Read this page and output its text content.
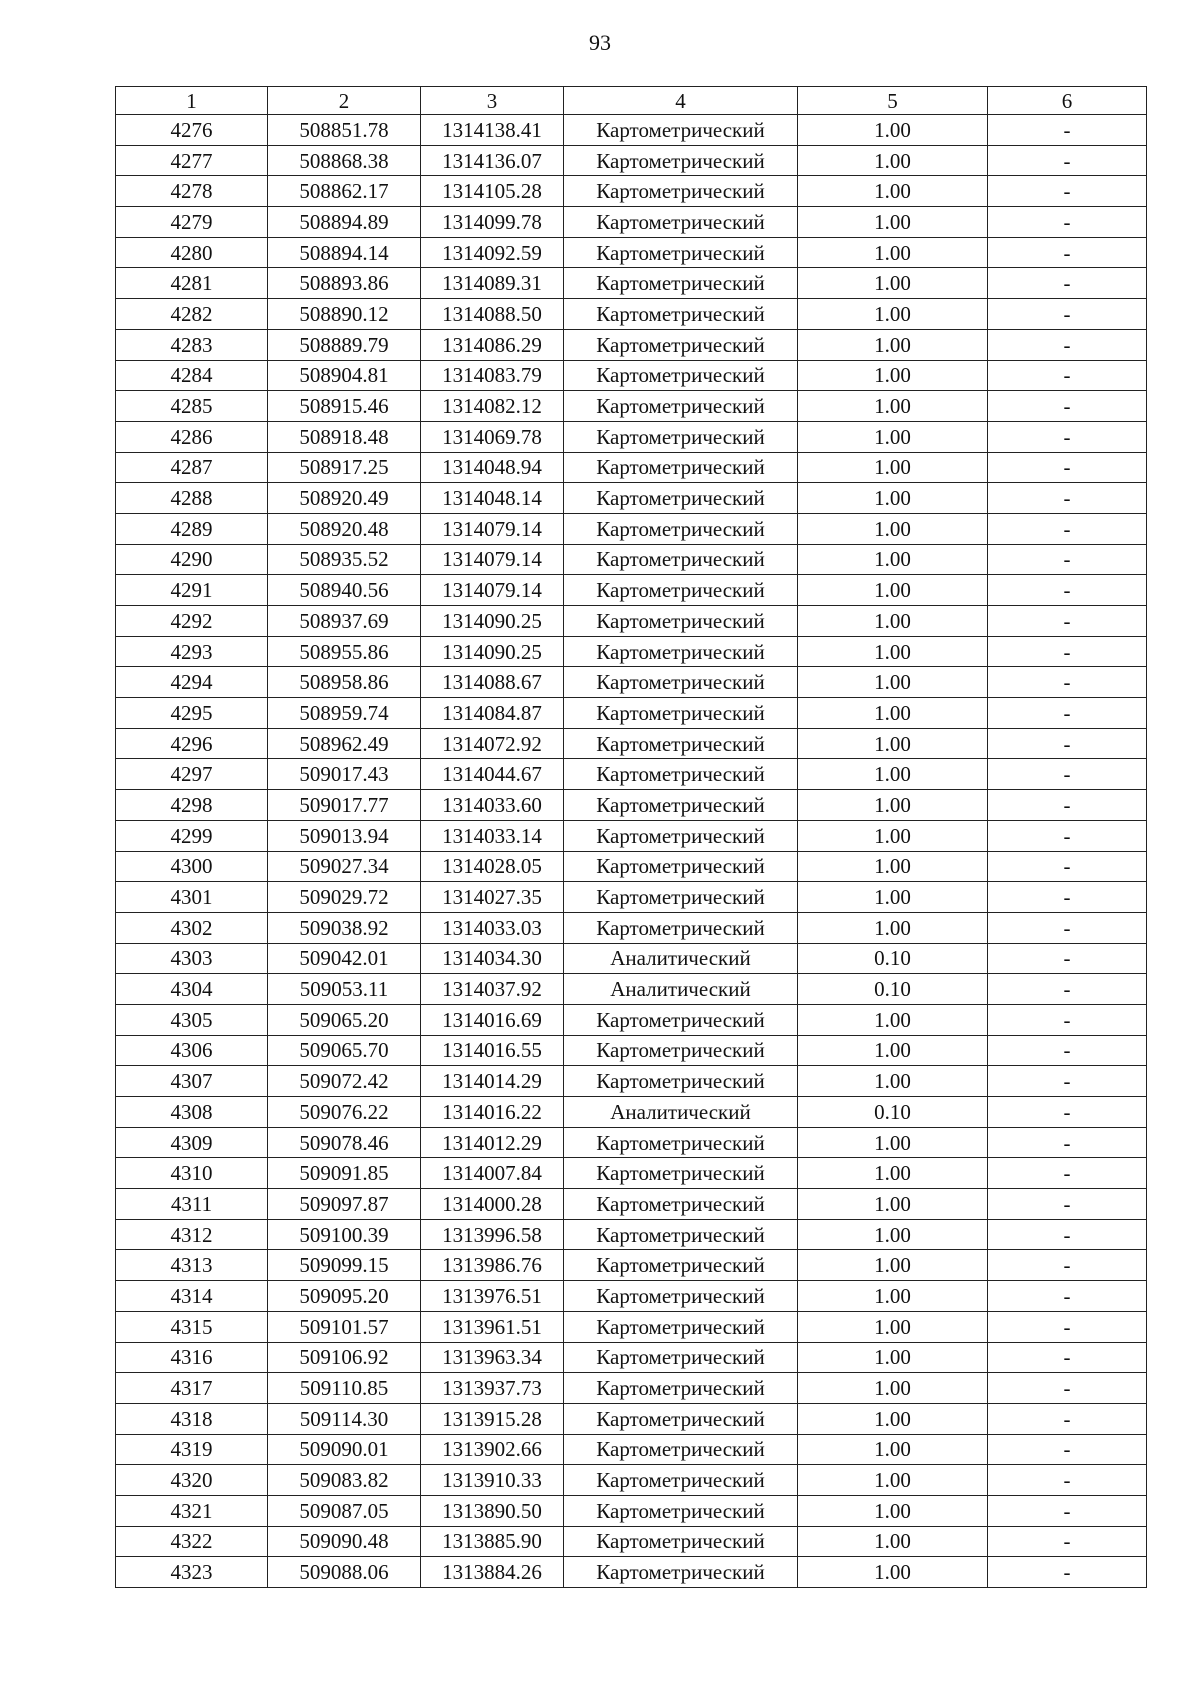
93
1	2	3	4	5	6
4276	508851.78	1314138.41	Картометрический	1.00	-
4277	508868.38	1314136.07	Картометрический	1.00	-
4278	508862.17	1314105.28	Картометрический	1.00	-
4279	508894.89	1314099.78	Картометрический	1.00	-
4280	508894.14	1314092.59	Картометрический	1.00	-
4281	508893.86	1314089.31	Картометрический	1.00	-
4282	508890.12	1314088.50	Картометрический	1.00	-
4283	508889.79	1314086.29	Картометрический	1.00	-
4284	508904.81	1314083.79	Картометрический	1.00	-
4285	508915.46	1314082.12	Картометрический	1.00	-
4286	508918.48	1314069.78	Картометрический	1.00	-
4287	508917.25	1314048.94	Картометрический	1.00	-
4288	508920.49	1314048.14	Картометрический	1.00	-
4289	508920.48	1314079.14	Картометрический	1.00	-
4290	508935.52	1314079.14	Картометрический	1.00	-
4291	508940.56	1314079.14	Картометрический	1.00	-
4292	508937.69	1314090.25	Картометрический	1.00	-
4293	508955.86	1314090.25	Картометрический	1.00	-
4294	508958.86	1314088.67	Картометрический	1.00	-
4295	508959.74	1314084.87	Картометрический	1.00	-
4296	508962.49	1314072.92	Картометрический	1.00	-
4297	509017.43	1314044.67	Картометрический	1.00	-
4298	509017.77	1314033.60	Картометрический	1.00	-
4299	509013.94	1314033.14	Картометрический	1.00	-
4300	509027.34	1314028.05	Картометрический	1.00	-
4301	509029.72	1314027.35	Картометрический	1.00	-
4302	509038.92	1314033.03	Картометрический	1.00	-
4303	509042.01	1314034.30	Аналитический	0.10	-
4304	509053.11	1314037.92	Аналитический	0.10	-
4305	509065.20	1314016.69	Картометрический	1.00	-
4306	509065.70	1314016.55	Картометрический	1.00	-
4307	509072.42	1314014.29	Картометрический	1.00	-
4308	509076.22	1314016.22	Аналитический	0.10	-
4309	509078.46	1314012.29	Картометрический	1.00	-
4310	509091.85	1314007.84	Картометрический	1.00	-
4311	509097.87	1314000.28	Картометрический	1.00	-
4312	509100.39	1313996.58	Картометрический	1.00	-
4313	509099.15	1313986.76	Картометрический	1.00	-
4314	509095.20	1313976.51	Картометрический	1.00	-
4315	509101.57	1313961.51	Картометрический	1.00	-
4316	509106.92	1313963.34	Картометрический	1.00	-
4317	509110.85	1313937.73	Картометрический	1.00	-
4318	509114.30	1313915.28	Картометрический	1.00	-
4319	509090.01	1313902.66	Картометрический	1.00	-
4320	509083.82	1313910.33	Картометрический	1.00	-
4321	509087.05	1313890.50	Картометрический	1.00	-
4322	509090.48	1313885.90	Картометрический	1.00	-
4323	509088.06	1313884.26	Картометрический	1.00	-
